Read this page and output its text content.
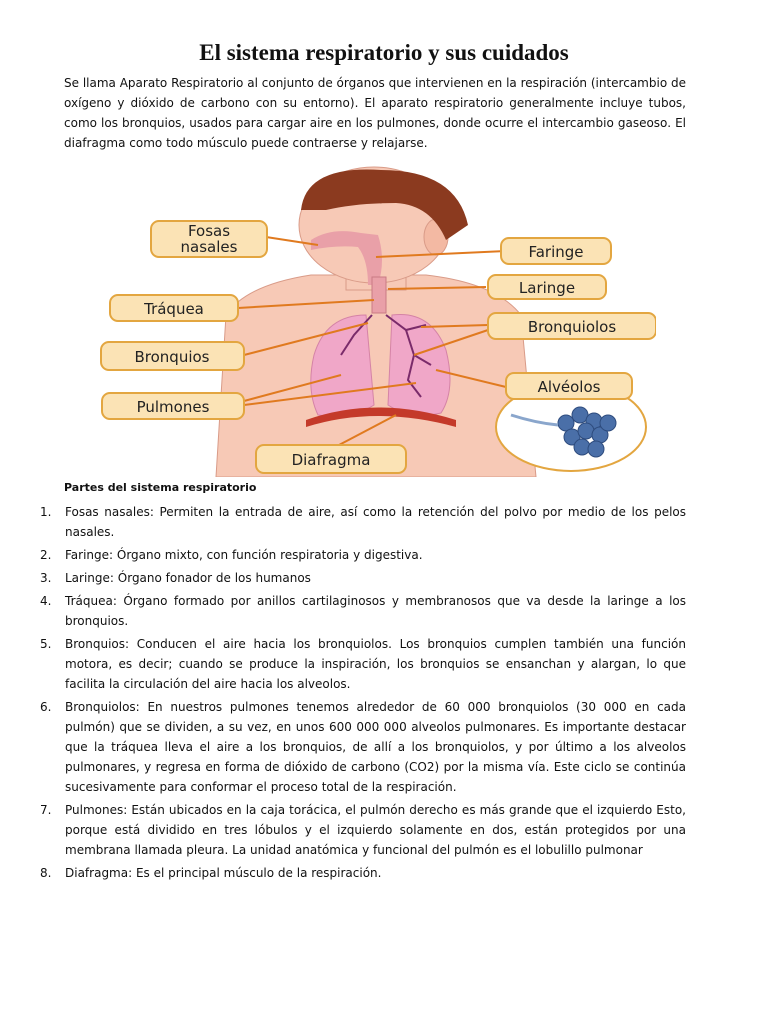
El sistema respiratorio y sus cuidados

Se llama Aparato Respiratorio al conjunto de órganos que intervienen en la respiración (intercambio de oxígeno y dióxido de carbono con su entorno). El aparato respiratorio generalmente incluye tubos, como los bronquios, usados para cargar aire en los pulmones, donde ocurre el intercambio gaseoso. El diafragma como todo músculo puede contraerse y relajarse.

Fosas
nasales	Faringe
Laringe
Tráquea
Bronquiolos
Bronquios
Alvéolos
Pulmones
Diafragma

Partes del sistema respiratorio

1. Fosas nasales: Permiten la entrada de aire, así como la retención del polvo por medio de los pelos nasales.
2. Faringe: Órgano mixto, con función respiratoria y digestiva.
3. Laringe: Órgano fonador de los humanos
4. Tráquea: Órgano formado por anillos cartilaginosos y membranosos que va desde la laringe a los bronquios.
5. Bronquios: Conducen el aire hacia los bronquiolos. Los bronquios cumplen también una función motora, es decir; cuando se produce la inspiración, los bronquios se ensanchan y alargan, lo que facilita la circulación del aire hacia los alveolos.
6. Bronquiolos: En nuestros pulmones tenemos alrededor de 60 000 bronquiolos (30 000 en cada pulmón) que se dividen, a su vez, en unos 600 000 000 alveolos pulmonares. Es importante destacar que la tráquea lleva el aire a los bronquios, de allí a los bronquiolos, y por último a los alveolos pulmonares, y regresa en forma de dióxido de carbono (CO2) por la misma vía. Este ciclo se continúa sucesivamente para conformar el proceso total de la respiración.
7. Pulmones: Están ubicados en la caja torácica, el pulmón derecho es más grande que el izquierdo Esto, porque está dividido en tres lóbulos y el izquierdo solamente en dos, están protegidos por una membrana llamada pleura. La unidad anatómica y funcional del pulmón es el lobulillo pulmonar
8. Diafragma: Es el principal músculo de la respiración.
